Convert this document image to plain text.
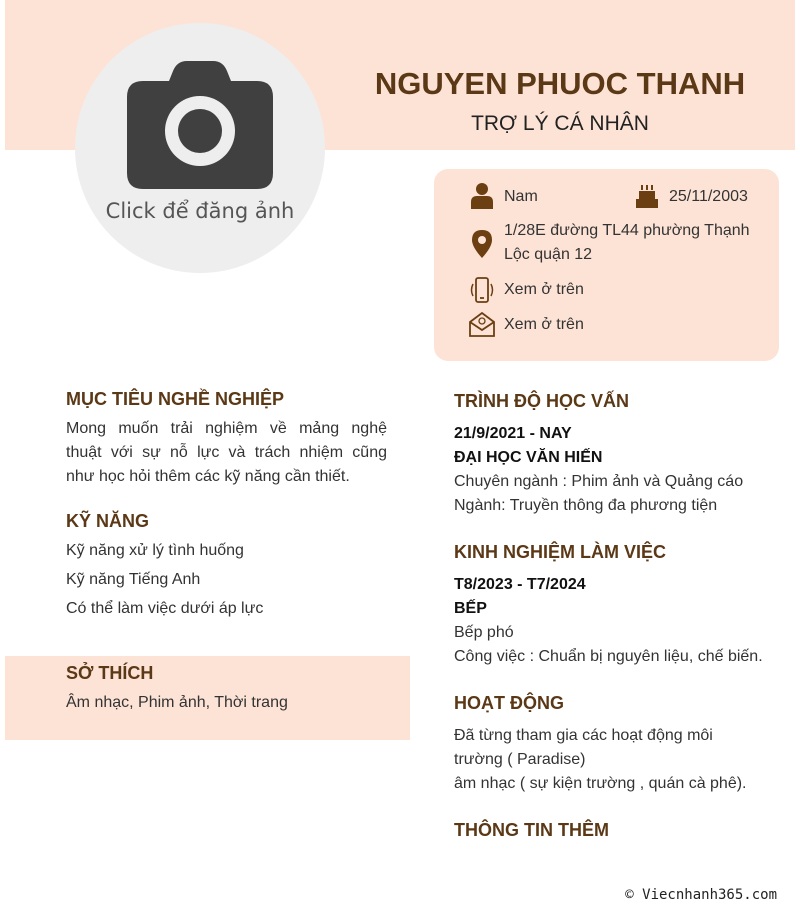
Click để đăng ảnh
NGUYEN PHUOC THANH
TRỢ LÝ CÁ NHÂN
Nam	25/11/2003
1/28E đường TL44 phường Thạnh
Lộc quận 12
Xem ở trên
Xem ở trên
MỤC TIÊU NGHỀ NGHIỆP
Mong muốn trải nghiệm về mảng nghệ
thuật với sự nỗ lực và trách nhiệm cũng
như học hỏi thêm các kỹ năng cần thiết.
KỸ NĂNG
Kỹ năng xử lý tình huống
Kỹ năng Tiếng Anh
Có thể làm việc dưới áp lực
SỞ THÍCH
Âm nhạc, Phim ảnh, Thời trang
TRÌNH ĐỘ HỌC VẤN
21/9/2021 - NAY
ĐẠI HỌC VĂN HIẾN
Chuyên ngành : Phim ảnh và Quảng cáo
Ngành: Truyền thông đa phương tiện
KINH NGHIỆM LÀM VIỆC
T8/2023 - T7/2024
BẾP
Bếp phó
Công việc : Chuẩn bị nguyên liệu, chế biến.
HOẠT ĐỘNG
Đã từng tham gia các hoạt động môi
trường ( Paradise)
âm nhạc ( sự kiện trường , quán cà phê).
THÔNG TIN THÊM
© Viecnhanh365.com
